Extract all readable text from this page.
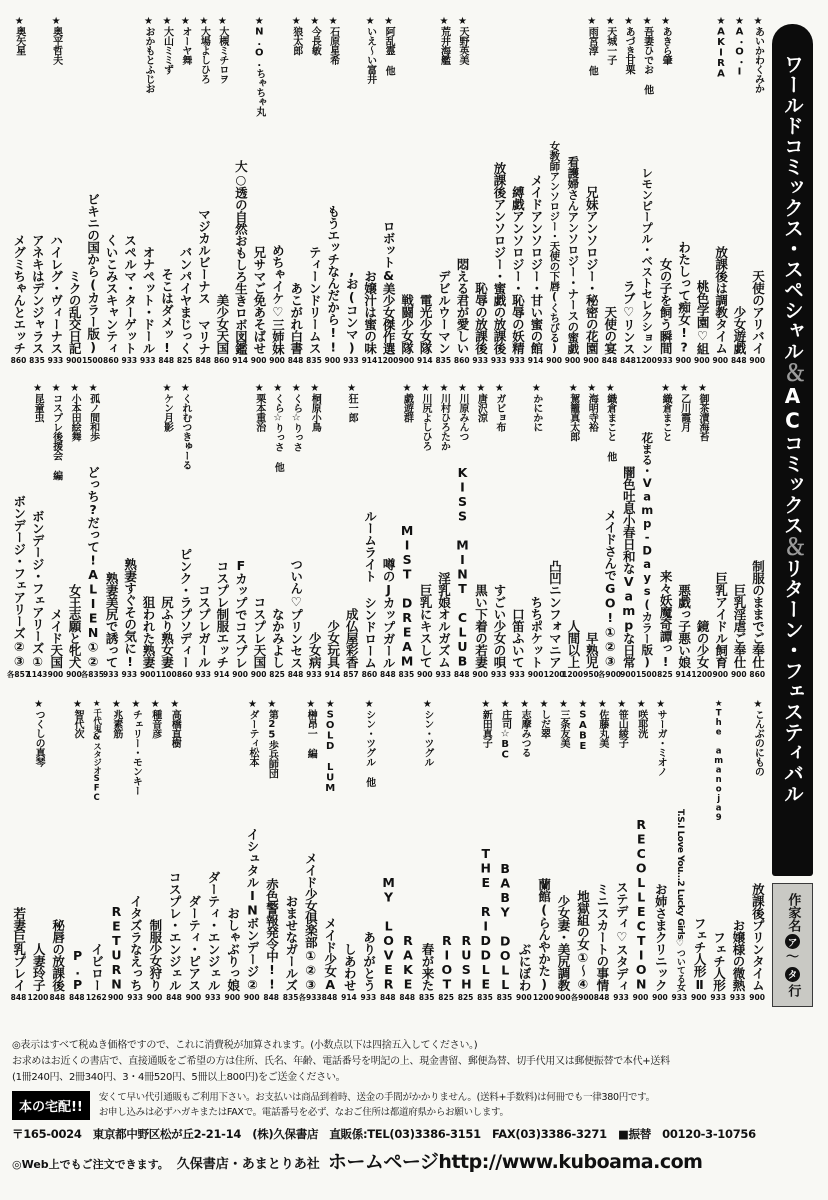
★あいかわくみか
天使のアリバイ
900
★A・O・I
少女遊戯
848
★AKIRA
放課後は調教タイム
900
桃色学園♡組
900
わたしって痴女!?
900
★あきら肇
女の子を飼う瞬間
933
★吾妻ひでお 他
レモンピープル・ベストセレクション
1200
★あづき甘栗
ラブ♡リンス
848
★天城一子
天使の宴
848
★雨宮淳 他
兄妹アンソロジー・秘密の花園
900
看護婦さんアンソロジー・ナースの蜜戯
900
女教師アンソロジー・天使の下唇(くちびる)
900
メイドアンソロジー・甘い蜜の館
914
縛戯アンソロジー・恥辱の妖精
933
放課後アンソロジー・蜜戯の放課後
933
恥辱の放課後
933
★天野英美
悶える君が愛しい
860
★荒井海艦
デビルウーマン
835
電光少女隊
914
戦闘少女隊
900
★阿乱霊 他
ロボット&美少女傑作選
1200
★いえ〜い富井
お嬢汁は蜜の味
914
,お(コンマ)
933
★石原星希
もうエッチなんだから!!
900
★今長敏
ティーンドリームス
835
★狼太郎
あこがれ白書
848
めちゃイケ♡三姉妹
900
★N.O.ちゃちゃ丸
兄サマご免あそばせ
900
大○透の自然おもしろ生きロボ図鑑
914
★大槻ミチロヲ
美少女天国
860
★大場よしひろ
マジカルビーナス マリナ
848
★オーヤ舞
バンパイヤまじっく
825
★大山ミミず
そこはダメッ!
848
★おかもとふじお
オナペット・ドール
933
スペルマ・ターゲット
933
くいこみスキャンティ
860
ビキニの国から(カラー版)
1500
ミクの乱交日記
900
★奥平哲夫
ハイレグ・ヴィーナス
933
アネキはデンジャラス
835
★奥矢星
メグミちゃんとエッチ
860
制服のままでご奉仕
860
巨乳淫虐ご奉仕
900
巨乳アイドル飼育
900
★御茶漬海苔
鏡の少女
1200
★乙川霞月
悪戯っ子悪い娘
914
★織倉まこと
来々妖魔奇譚っ!
825
花まる・Vamp-Days(カラー版)
1500
闇色吐息小春日和なVampな日常
900
★織倉まこと 他
メイドさんでGO!①②③
各900
★海明寺裕
早熟児
950
★駕籠真太郎
人間以上
1200
凸凹ニンフォマニア
1200
★かにかに
ちちポケット
900
口笛ふいて
933
★ガビョ布
すごい少女の唄
933
★唐沢涼
黒い下着の若妻
900
★川原みんつ
KISS MINT CLUB
848
★川村ひろたか
淫乳娘オルガズム
933
★川尻よしひろ
巨乳にキスして
900
★戯遊群
MIST DREAM
835
噂のJカップガール
848
ルームライト シンドローム
860
★狂一郎
成仏屋彩香
857
少女玩具
914
★桐原小鳥
少女病
933
★くら☆りっさ
ついん♡プリンセス
848
★くら☆りっさ 他
なかみよし
825
★栗本重治
コスプレ天国
900
Fカップでコスプレ
900
コスプレ制服エッチ
914
コスプレガール
933
★くれむつきゅーる
ピンク・ラプソディー
860
★ケン月影
尻ふり熟女妻
1100
狙われた熟妻
900
熟妻すぐその気に!
933
熟妻美尻で誘って
933
★孤ノ間和歩
どっち?だって!ALIEN①②
各835
★小本田絵舞
女王志願と牝犬
900
★コスプレ後援会 編
メイド天国
900
★昆童虫
ボンデージ・フェアリーズ①
1143
ボンデージ・フェアリーズ②③
各857
★こんぶのにもの
放課後プリンタイム
900
お嬢様の微熱
933
★The amanoja9
フェチ人形
933
フェチ人形Ⅱ
900
T.S.I Love You…2 Lucky Girls♡ついてる女
933
★サーガ・ミオノ
お姉さまクリニック
900
★咲耶洸
RECOLLECTION
900
★笹山綾子
ステディ♡スタディ
933
★佐藤丸美
ミニスカートの事情
848
★SABE
地獄組の女①〜④
各900
★三条友美
少女妻・美尻調教
900
★しだ翠
蘭館(らんやかた)
1200
★志摩みつる
ぶにぼわ
900
★庄司☆BC
BABY DOLL
835
★新田真子
THE RIDDLE
835
RUSH
825
RIOT
825
★シン・ツグル
春が来た
835
RAKE
848
MY LOVER
848
★シン・ツグル 他
ありがとう
933
しあわせ
914
★SOLD LUM
メイド少女A
848
★榊昂一 編
メイド少女倶楽部①②③
各933
おませなガールズ
835
★第25歩兵師団
赤色警報発令中!!
848
★ダーティ松本
イシュタルINボンデージ②
900
おしゃぶりっ娘
900
ダーティ・エンジェル
933
ダーティ・ピアス
900
★高橋直樹
コスプレ・エンジェル
848
★種音彦
制服少女狩り
900
★チェリー・モンキー
イタズラなえっち
933
★兆素筋
RETURN
900
★千代鬼&スタジオSFC
イビロー
1262
★智代次
P.P
848
秘唇の放課後
848
★つくしの真琴
人妻玲子
1200
若妻巨乳プレイ
848
ワールドコミックス・スペシャル＆ACコミックス＆リターン・フェスティバル
作家名
ア
〜
タ
行
◎表示はすべて税ぬき価格ですので、これに消費税が加算されます。(小数点以下は四捨五入してください。)
お求めはお近くの書店で、直接通販をご希望の方は住所、氏名、年齢、電話番号を明記の上、現金書留、郵便為替、切手代用又は郵便振替で本代+送料
(1冊240円、2冊340円、3・4冊520円、5冊以上800円)をご送金ください。
本の宅配!!
安くて早い代引通販もご利用下さい。お支払いは商品到着時、送金の手間がかかりません。(送料+手数料)は何冊でも一律380円です。
お申し込みは必ずハガキまたはFAXで。電話番号を必ず、なおご住所は都道府県からお願いします。
〒165-0024　東京都中野区松が丘2-21-14　(株)久保書店　直販係:TEL(03)3386-3151　FAX(03)3386-3271　■振替　00120-3-10756
◎Web上でもご注文できます。 久保書店・あまとりあ社 ホームページhttp://www.kuboama.com
